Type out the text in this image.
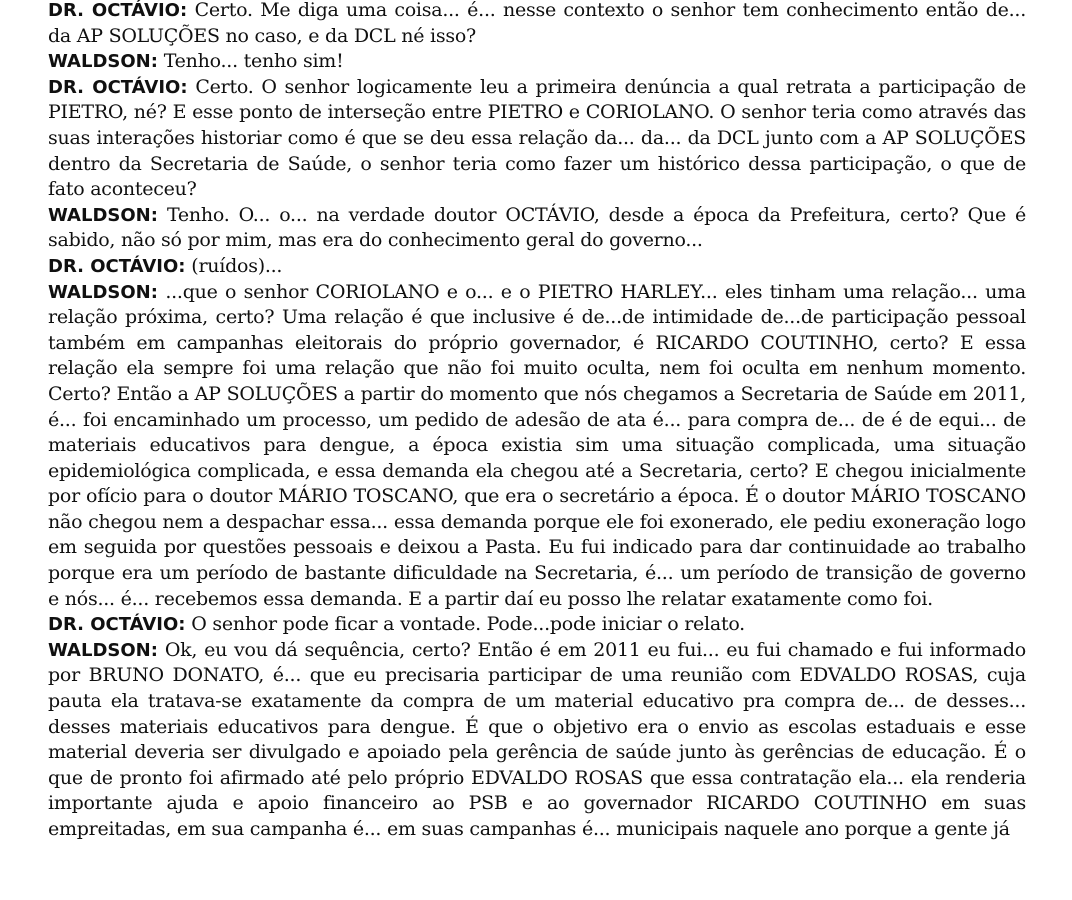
DR. OCTÁVIO: Certo. Me diga uma coisa... é... nesse contexto o senhor tem conhecimento então de... da AP SOLUÇÕES no caso, e da DCL né isso?

WALDSON: Tenho... tenho sim!

DR. OCTÁVIO: Certo. O senhor logicamente leu a primeira denúncia a qual retrata a participação de PIETRO, né? E esse ponto de interseção entre PIETRO e CORIOLANO. O senhor teria como através das suas interações historiar como é que se deu essa relação da... da... da DCL junto com a AP SOLUÇÕES dentro da Secretaria de Saúde, o senhor teria como fazer um histórico dessa participação, o que de fato aconteceu?

WALDSON: Tenho. O... o... na verdade doutor OCTÁVIO, desde a época da Prefeitura, certo? Que é sabido, não só por mim, mas era do conhecimento geral do governo...

DR. OCTÁVIO: (ruídos)...

WALDSON: ...que o senhor CORIOLANO e o... e o PIETRO HARLEY... eles tinham uma relação... uma relação próxima, certo? Uma relação é que inclusive é de...de intimidade de...de participação pessoal também em campanhas eleitorais do próprio governador, é RICARDO COUTINHO, certo? E essa relação ela sempre foi uma relação que não foi muito oculta, nem foi oculta em nenhum momento. Certo? Então a AP SOLUÇÕES a partir do momento que nós chegamos a Secretaria de Saúde em 2011, é... foi encaminhado um processo, um pedido de adesão de ata é... para compra de... de é de equi... de materiais educativos para dengue, a época existia sim uma situação complicada, uma situação epidemiológica complicada, e essa demanda ela chegou até a Secretaria, certo? E chegou inicialmente por ofício para o doutor MÁRIO TOSCANO, que era o secretário a época. É o doutor MÁRIO TOSCANO não chegou nem a despachar essa... essa demanda porque ele foi exonerado, ele pediu exoneração logo em seguida por questões pessoais e deixou a Pasta. Eu fui indicado para dar continuidade ao trabalho porque era um período de bastante dificuldade na Secretaria, é... um período de transição de governo e nós... é... recebemos essa demanda. E a partir daí eu posso lhe relatar exatamente como foi.

DR. OCTÁVIO: O senhor pode ficar a vontade. Pode...pode iniciar o relato.

WALDSON: Ok, eu vou dá sequência, certo? Então é em 2011 eu fui... eu fui chamado e fui informado por BRUNO DONATO, é... que eu precisaria participar de uma reunião com EDVALDO ROSAS, cuja pauta ela tratava-se exatamente da compra de um material educativo pra compra de... de desses... desses materiais educativos para dengue. É que o objetivo era o envio as escolas estaduais e esse material deveria ser divulgado e apoiado pela gerência de saúde junto às gerências de educação. É o que de pronto foi afirmado até pelo próprio EDVALDO ROSAS que essa contratação ela... ela renderia importante ajuda e apoio financeiro ao PSB e ao governador RICARDO COUTINHO em suas empreitadas, em sua campanha é... em suas campanhas é... municipais naquele ano porque a gente já
